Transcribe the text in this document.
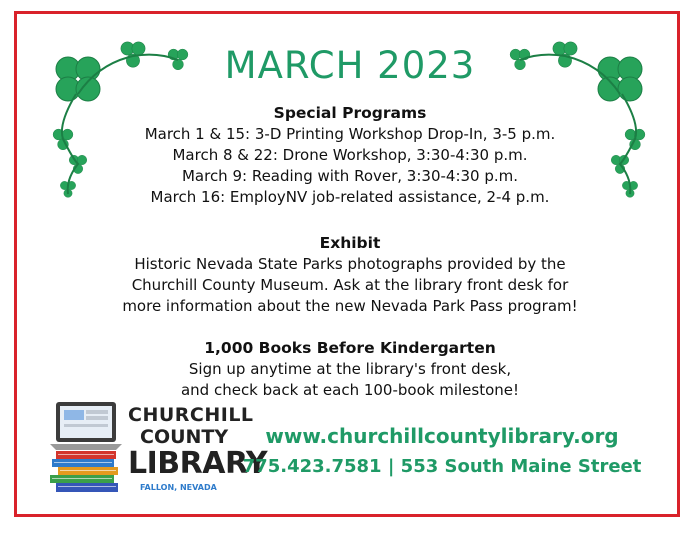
MARCH 2023
Special Programs
March 1 & 15: 3-D Printing Workshop Drop-In, 3-5 p.m.
March 8 & 22: Drone Workshop, 3:30-4:30 p.m.
March 9: Reading with Rover, 3:30-4:30 p.m.
March 16: EmployNV job-related assistance, 2-4 p.m.
Exhibit
Historic Nevada State Parks photographs provided by the
Churchill County Museum. Ask at the library front desk for
more information about the new Nevada Park Pass program!
1,000 Books Before Kindergarten
Sign up anytime at the library's front desk,
and check back at each 100-book milestone!
CHURCHILL
COUNTY
LIBRARY
FALLON, NEVADA
www.churchillcountylibrary.org
775.423.7581 | 553 South Maine Street
